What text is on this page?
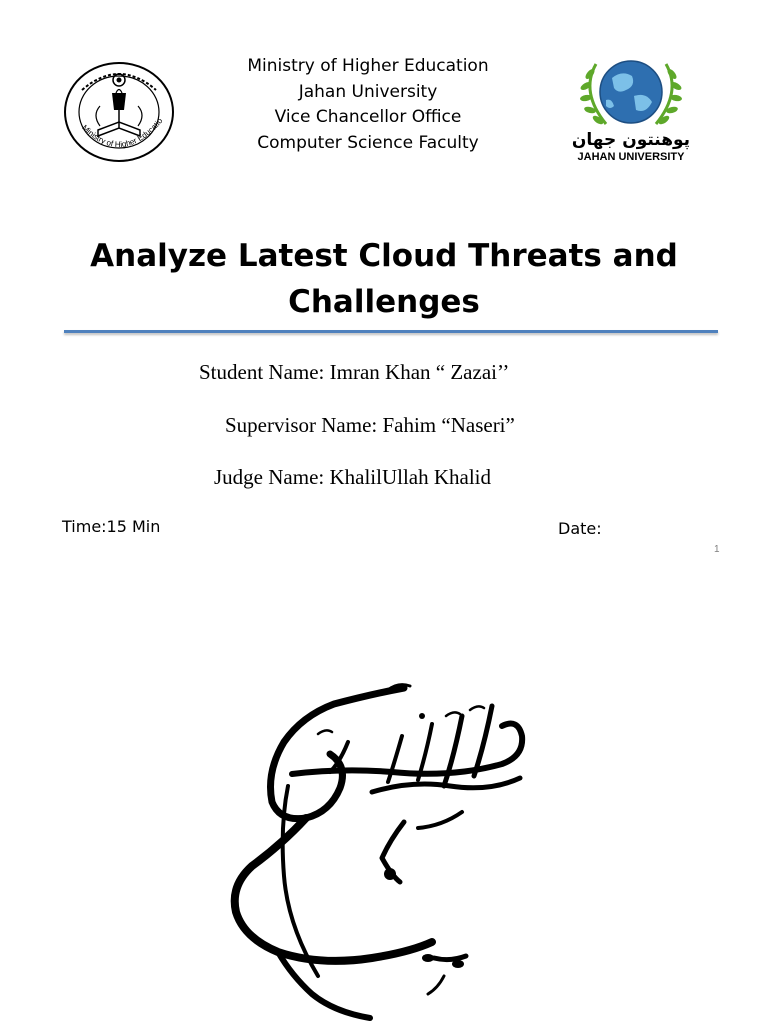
Ministry of Higher Educatio
Ministry of Higher Education
Jahan University
Vice Chancellor Office
Computer Science Faculty	پوهنتون جهان
JAHAN UNIVERSITY
Analyze Latest Cloud Threats and
Challenges
Student Name: Imran Khan “ Zazai’’
Supervisor Name: Fahim “Naseri”
Judge Name: KhalilUllah Khalid
Time:15 Min	Date:
1
